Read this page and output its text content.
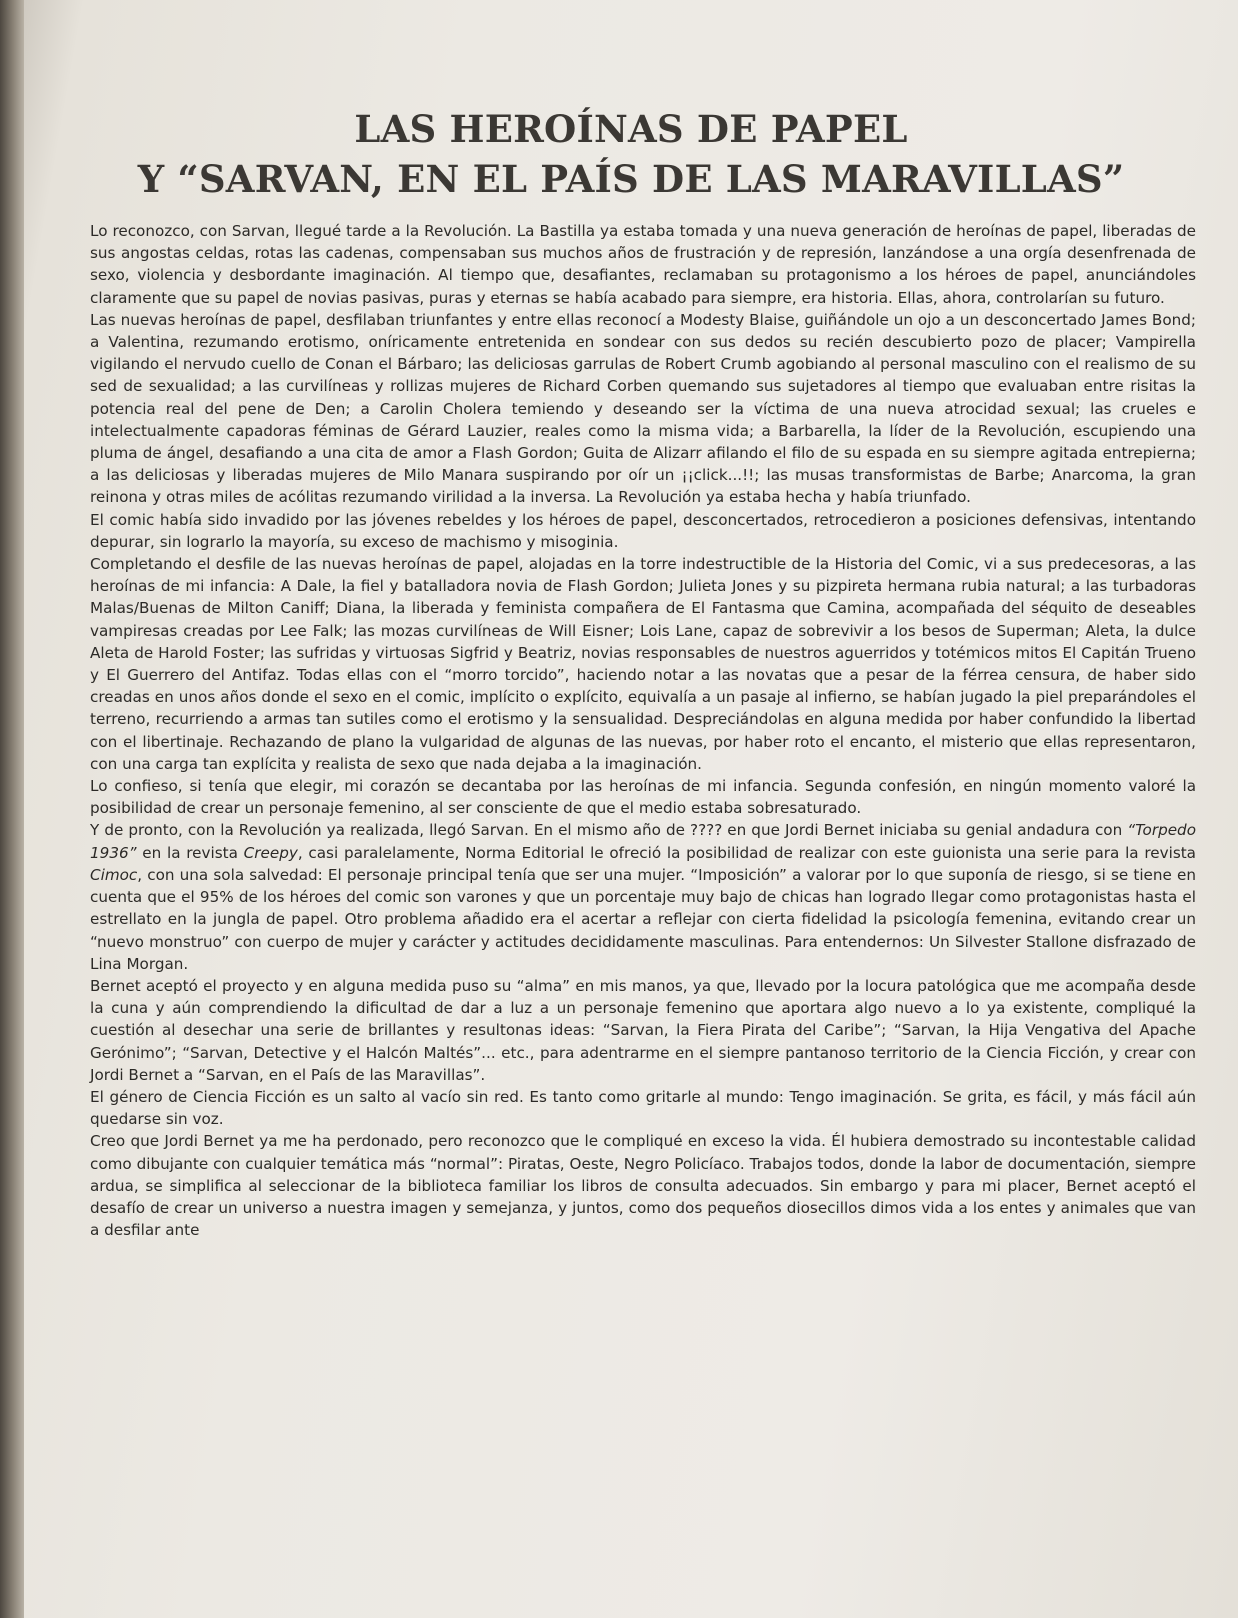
LAS HEROÍNAS DE PAPEL
Y “SARVAN, EN EL PAÍS DE LAS MARAVILLAS”

Lo reconozco, con Sarvan, llegué tarde a la Revolución. La Bastilla ya estaba tomada y una nueva generación de heroínas de papel, liberadas de sus angostas celdas, rotas las cadenas, compensaban sus muchos años de frustración y de represión, lanzándose a una orgía desenfrenada de sexo, violencia y desbordante imaginación. Al tiempo que, desafiantes, reclamaban su protagonismo a los héroes de papel, anunciándoles claramente que su papel de novias pasivas, puras y eternas se había acabado para siempre, era historia. Ellas, ahora, controlarían su futuro.

Las nuevas heroínas de papel, desfilaban triunfantes y entre ellas reconocí a Modesty Blaise, guiñándole un ojo a un desconcertado James Bond; a Valentina, rezumando erotismo, oníricamente entretenida en sondear con sus dedos su recién descubierto pozo de placer; Vampirella vigilando el nervudo cuello de Conan el Bárbaro; las deliciosas garrulas de Robert Crumb agobiando al personal masculino con el realismo de su sed de sexualidad; a las curvilíneas y rollizas mujeres de Richard Corben quemando sus sujetadores al tiempo que evaluaban entre risitas la potencia real del pene de Den; a Carolin Cholera temiendo y deseando ser la víctima de una nueva atrocidad sexual; las crueles e intelectualmente capadoras féminas de Gérard Lauzier, reales como la misma vida; a Barbarella, la líder de la Revolución, escupiendo una pluma de ángel, desafiando a una cita de amor a Flash Gordon; Guita de Alizarr afilando el filo de su espada en su siempre agitada entrepierna; a las deliciosas y liberadas mujeres de Milo Manara suspirando por oír un ¡¡click...!!; las musas transformistas de Barbe; Anarcoma, la gran reinona y otras miles de acólitas rezumando virilidad a la inversa. La Revolución ya estaba hecha y había triunfado.

El comic había sido invadido por las jóvenes rebeldes y los héroes de papel, desconcertados, retrocedieron a posiciones defensivas, intentando depurar, sin lograrlo la mayoría, su exceso de machismo y misoginia.

Completando el desfile de las nuevas heroínas de papel, alojadas en la torre indestructible de la Historia del Comic, vi a sus predecesoras, a las heroínas de mi infancia: A Dale, la fiel y batalladora novia de Flash Gordon; Julieta Jones y su pizpireta hermana rubia natural; a las turbadoras Malas/Buenas de Milton Caniff; Diana, la liberada y feminista compañera de El Fantasma que Camina, acompañada del séquito de deseables vampiresas creadas por Lee Falk; las mozas curvilíneas de Will Eisner; Lois Lane, capaz de sobrevivir a los besos de Superman; Aleta, la dulce Aleta de Harold Foster; las sufridas y virtuosas Sigfrid y Beatriz, novias responsables de nuestros aguerridos y totémicos mitos El Capitán Trueno y El Guerrero del Antifaz. Todas ellas con el “morro torcido”, haciendo notar a las novatas que a pesar de la férrea censura, de haber sido creadas en unos años donde el sexo en el comic, implícito o explícito, equivalía a un pasaje al infierno, se habían jugado la piel preparándoles el terreno, recurriendo a armas tan sutiles como el erotismo y la sensualidad. Despreciándolas en alguna medida por haber confundido la libertad con el libertinaje. Rechazando de plano la vulgaridad de algunas de las nuevas, por haber roto el encanto, el misterio que ellas representaron, con una carga tan explícita y realista de sexo que nada dejaba a la imaginación.

Lo confieso, si tenía que elegir, mi corazón se decantaba por las heroínas de mi infancia. Segunda confesión, en ningún momento valoré la posibilidad de crear un personaje femenino, al ser consciente de que el medio estaba sobresaturado.

Y de pronto, con la Revolución ya realizada, llegó Sarvan. En el mismo año de ???? en que Jordi Bernet iniciaba su genial andadura con “Torpedo 1936” en la revista Creepy, casi paralelamente, Norma Editorial le ofreció la posibilidad de realizar con este guionista una serie para la revista Cimoc, con una sola salvedad: El personaje principal tenía que ser una mujer. “Imposición” a valorar por lo que suponía de riesgo, si se tiene en cuenta que el 95% de los héroes del comic son varones y que un porcentaje muy bajo de chicas han logrado llegar como protagonistas hasta el estrellato en la jungla de papel. Otro problema añadido era el acertar a reflejar con cierta fidelidad la psicología femenina, evitando crear un “nuevo monstruo” con cuerpo de mujer y carácter y actitudes decididamente masculinas. Para entendernos: Un Silvester Stallone disfrazado de Lina Morgan.

Bernet aceptó el proyecto y en alguna medida puso su “alma” en mis manos, ya que, llevado por la locura patológica que me acompaña desde la cuna y aún comprendiendo la dificultad de dar a luz a un personaje femenino que aportara algo nuevo a lo ya existente, compliqué la cuestión al desechar una serie de brillantes y resultonas ideas: “Sarvan, la Fiera Pirata del Caribe”; “Sarvan, la Hija Vengativa del Apache Gerónimo”; “Sarvan, Detective y el Halcón Maltés”... etc., para adentrarme en el siempre pantanoso territorio de la Ciencia Ficción, y crear con Jordi Bernet a “Sarvan, en el País de las Maravillas”.

El género de Ciencia Ficción es un salto al vacío sin red. Es tanto como gritarle al mundo: Tengo imaginación. Se grita, es fácil, y más fácil aún quedarse sin voz.

Creo que Jordi Bernet ya me ha perdonado, pero reconozco que le compliqué en exceso la vida. Él hubiera demostrado su incontestable calidad como dibujante con cualquier temática más “normal”: Piratas, Oeste, Negro Policíaco. Trabajos todos, donde la labor de documentación, siempre ardua, se simplifica al seleccionar de la biblioteca familiar los libros de consulta adecuados. Sin embargo y para mi placer, Bernet aceptó el desafío de crear un universo a nuestra imagen y semejanza, y juntos, como dos pequeños diosecillos dimos vida a los entes y animales que van a desfilar ante
